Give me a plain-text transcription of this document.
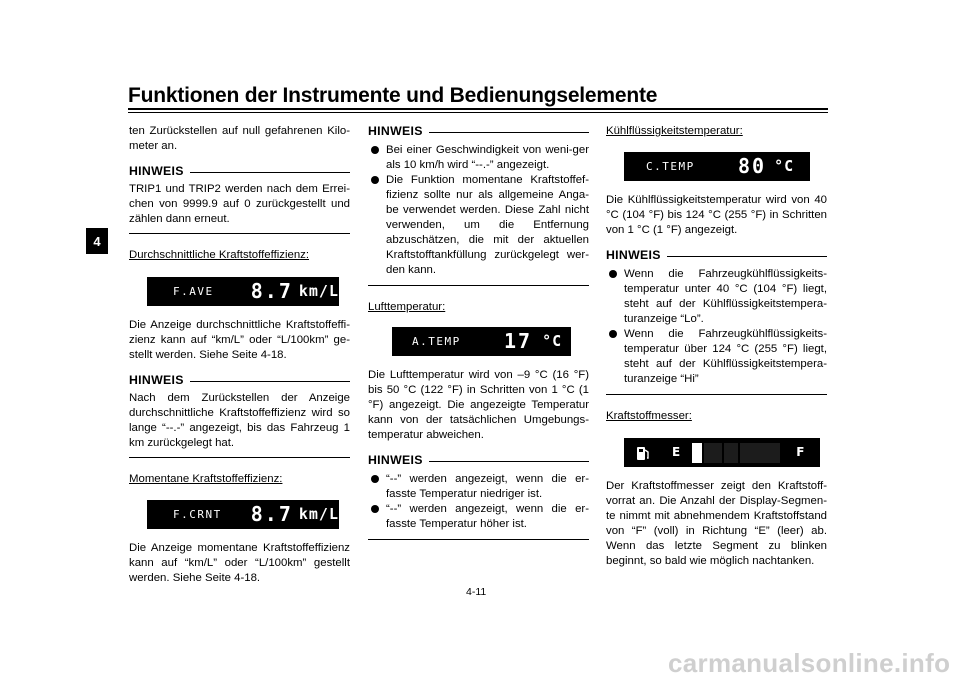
Funktionen der Instrumente und Bedienungselemente
4

ten Zurückstellen auf null gefahrenen Kilo-meter an.

HINWEIS

TRIP1 und TRIP2 werden nach dem Errei-chen von 9999.9 auf 0 zurückgestellt und zählen dann erneut.

Durchschnittliche Kraftstoffeffizienz:

F.AVE	8.7 km/L

Die Anzeige durchschnittliche Kraftstoffeffi-zienz kann auf “km/L” oder “L/100km” ge-stellt werden. Siehe Seite 4-18.

HINWEIS

Nach dem Zurückstellen der Anzeige durchschnittliche Kraftstoffeffizienz wird so lange “--.-” angezeigt, bis das Fahrzeug 1 km zurückgelegt hat.

Momentane Kraftstoffeffizienz:

F.CRNT	8.7 km/L

Die Anzeige momentane Kraftstoffeffizienz kann auf “km/L” oder “L/100km” gestellt werden. Siehe Seite 4-18.

HINWEIS
Bei einer Geschwindigkeit von weni-ger als 10 km/h wird “--.-” angezeigt.
Die Funktion momentane Kraftstoffef-fizienz sollte nur als allgemeine Anga-be verwendet werden. Diese Zahl nicht verwenden, um die Entfernung abzuschätzen, die mit der aktuellen Kraftstofftankfüllung zurückgelegt wer-den kann.

Lufttemperatur:

A.TEMP	17 °C

Die Lufttemperatur wird von –9 °C (16 °F) bis 50 °C (122 °F) in Schritten von 1 °C (1 °F) angezeigt. Die angezeigte Temperatur kann von der tatsächlichen Umgebungs-temperatur abweichen.

HINWEIS
“--” werden angezeigt, wenn die er-fasste Temperatur niedriger ist.
“--” werden angezeigt, wenn die er-fasste Temperatur höher ist.

Kühlflüssigkeitstemperatur:

C.TEMP	80 °C

Die Kühlflüssigkeitstemperatur wird von 40 °C (104 °F) bis 124 °C (255 °F) in Schritten von 1 °C (1 °F) angezeigt.

HINWEIS
Wenn die Fahrzeugkühlflüssigkeits-temperatur unter 40 °C (104 °F) liegt, steht auf der Kühlflüssigkeitstempera-turanzeige “Lo”.
Wenn die Fahrzeugkühlflüssigkeits-temperatur über 124 °C (255 °F) liegt, steht auf der Kühlflüssigkeitstempera-turanzeige “Hi”

Kraftstoffmesser:

E	F

Der Kraftstoffmesser zeigt den Kraftstoff-vorrat an. Die Anzahl der Display-Segmen-te nimmt mit abnehmendem Kraftstoffstand von “F” (voll) in Richtung “E” (leer) ab. Wenn das letzte Segment zu blinken beginnt, so bald wie möglich nachtanken.

4-11
carmanualsonline.info
